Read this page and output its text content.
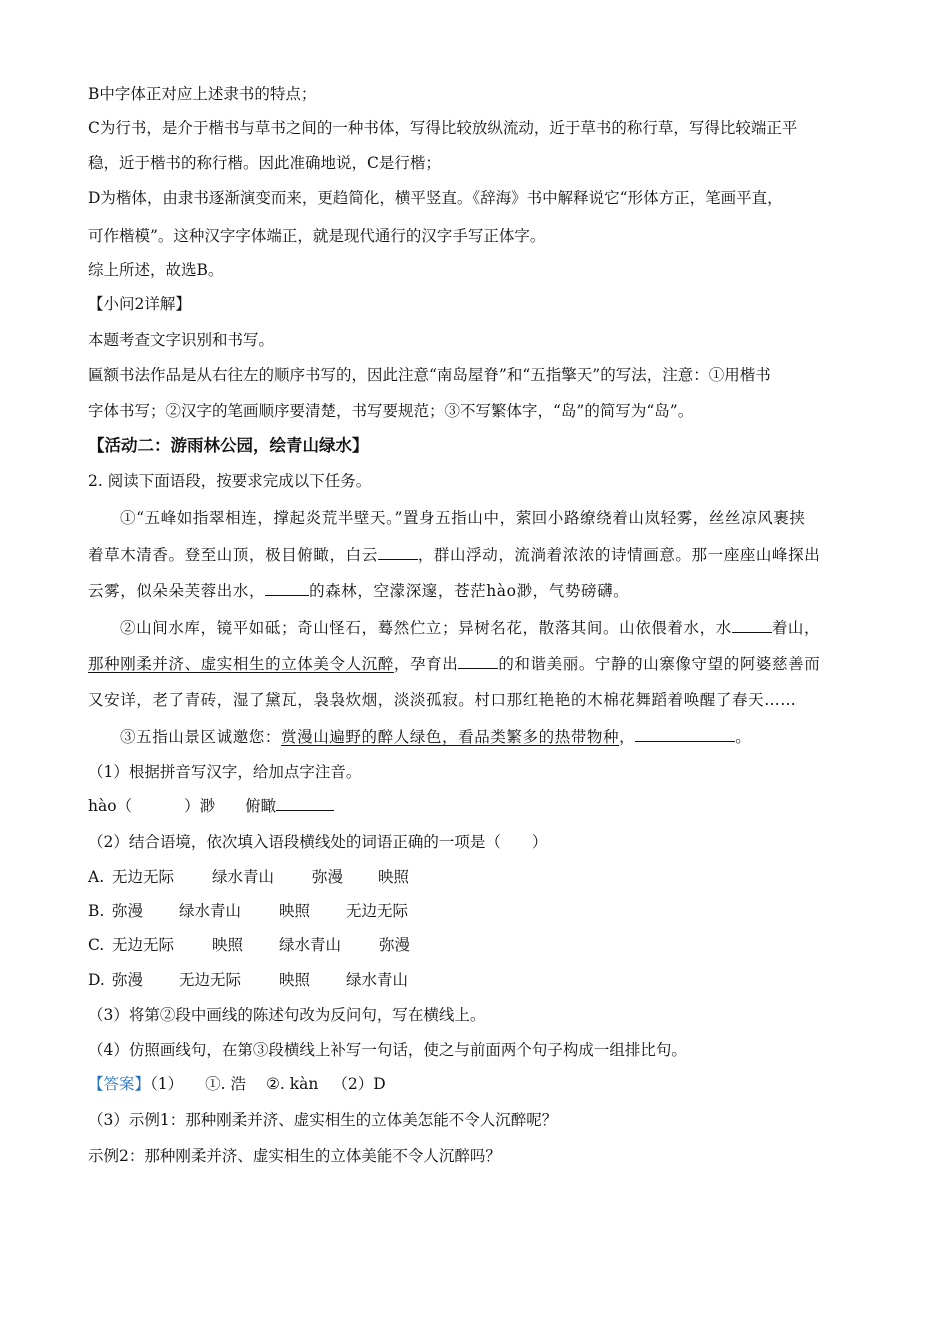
B中字体正对应上述隶书的特点；
C为行书，是介于楷书与草书之间的一种书体，写得比较放纵流动，近于草书的称行草，写得比较端正平
稳，近于楷书的称行楷。因此准确地说，C是行楷；
D为楷体，由隶书逐渐演变而来，更趋简化，横平竖直。《辞海》书中解释说它“形体方正，笔画平直，
可作楷模”。这种汉字字体端正，就是现代通行的汉字手写正体字。
综上所述，故选B。
【小问2详解】
本题考查文字识别和书写。
匾额书法作品是从右往左的顺序书写的，因此注意“南岛屋脊”和“五指擎天”的写法，注意：①用楷书
字体书写；②汉字的笔画顺序要清楚，书写要规范；③不写繁体字，“岛”的简写为“岛”。
【活动二：游雨林公园，绘青山绿水】
2. 阅读下面语段，按要求完成以下任务。
①“五峰如指翠相连，撑起炎荒半壁天。”置身五指山中，萦回小路缭绕着山岚轻雾，丝丝凉风裹挟
着草木清香。登至山顶，极目俯瞰，白云	，群山浮动，流淌着浓浓的诗情画意。那一座座山峰探出
云雾，似朵朵芙蓉出水，	的森林，空濛深邃，苍茫hào渺，气势磅礴。
②山间水库，镜平如砥；奇山怪石，蓦然伫立；异树名花，散落其间。山依偎着水，水	着山，
那种刚柔并济、虚实相生的立体美令人沉醉，孕育出	的和谐美丽。宁静的山寨像守望的阿婆慈善而
又安详，老了青砖，湿了黛瓦，袅袅炊烟，淡淡孤寂。村口那红艳艳的木棉花舞蹈着唤醒了春天……
③五指山景区诚邀您：赏漫山遍野的醉人绿色，看品类繁多的热带物种，	。
（1）根据拼音写汉字，给加点字注音。
hào（	）渺 俯瞰
（2）结合语境，依次填入语段横线处的词语正确的一项是（　　）
A. 无边无际 绿水青山 弥漫 映照
B. 弥漫 绿水青山 映照 无边无际
C. 无边无际 映照 绿水青山 弥漫
D. 弥漫 无边无际 映照 绿水青山
（3）将第②段中画线的陈述句改为反问句，写在横线上。
（4）仿照画线句，在第③段横线上补写一句话，使之与前面两个句子构成一组排比句。
【答案】（1） ①. 浩 ②. kàn （2）D
（3）示例1：那种刚柔并济、虚实相生的立体美怎能不令人沉醉呢？
示例2：那种刚柔并济、虚实相生的立体美能不令人沉醉吗？
